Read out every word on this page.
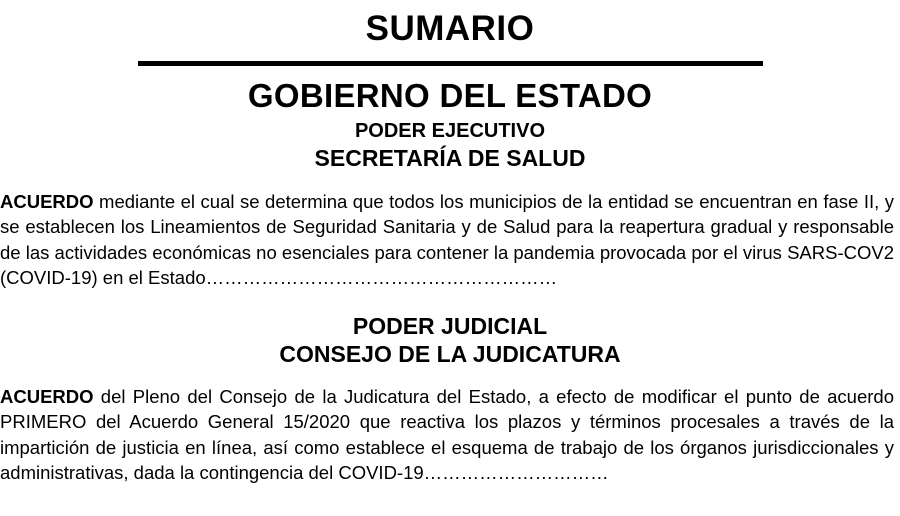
SUMARIO
GOBIERNO DEL ESTADO
PODER EJECUTIVO
SECRETARÍA DE SALUD

ACUERDO mediante el cual se determina que todos los municipios de la entidad se encuentran en fase II, y se establecen los Lineamientos de Seguridad Sanitaria y de Salud para la reapertura gradual y responsable de las actividades económicas no esenciales para contener la pandemia provocada por el virus SARS-COV2 (COVID-19) en el Estado…………………………………………………

PODER JUDICIAL
CONSEJO DE LA JUDICATURA

ACUERDO del Pleno del Consejo de la Judicatura del Estado, a efecto de modificar el punto de acuerdo PRIMERO del Acuerdo General 15/2020 que reactiva los plazos y términos procesales a través de la impartición de justicia en línea, así como establece el esquema de trabajo de los órganos jurisdiccionales y administrativas, dada la contingencia del COVID-19…………………………
